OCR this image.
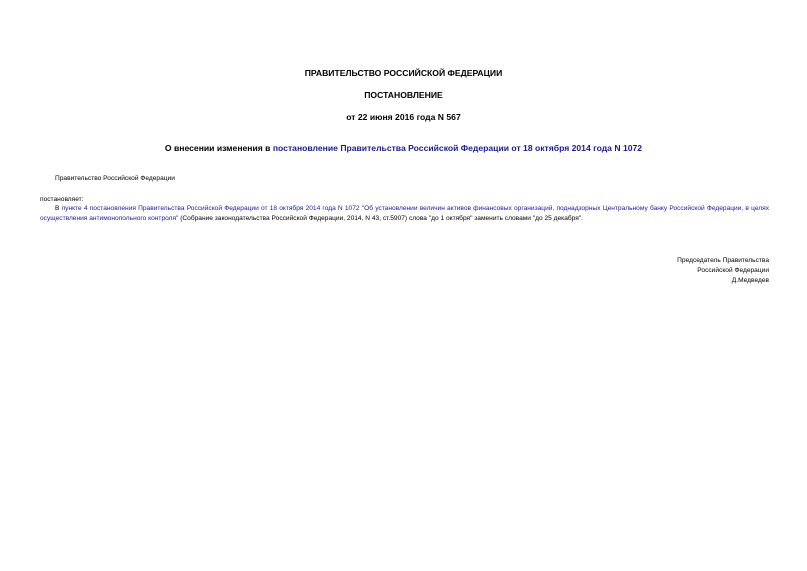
ПРАВИТЕЛЬСТВО РОССИЙСКОЙ ФЕДЕРАЦИИ
ПОСТАНОВЛЕНИЕ
от 22 июня 2016 года N 567
О внесении изменения в постановление Правительства Российской Федерации от 18 октября 2014 года N 1072
Правительство Российской Федерации
постановляет:
В пункте 4 постановления Правительства Российской Федерации от 18 октября 2014 года N 1072 "Об установлении величин активов финансовых организаций, поднадзорных Центральному банку Российской Федерации, в целях осуществления антимонопольного контроля" (Собрание законодательства Российской Федерации, 2014, N 43, ст.5907) слова "до 1 октября" заменить словами "до 25 декабря".
Председатель Правительства
Российской Федерации
Д.Медведев
